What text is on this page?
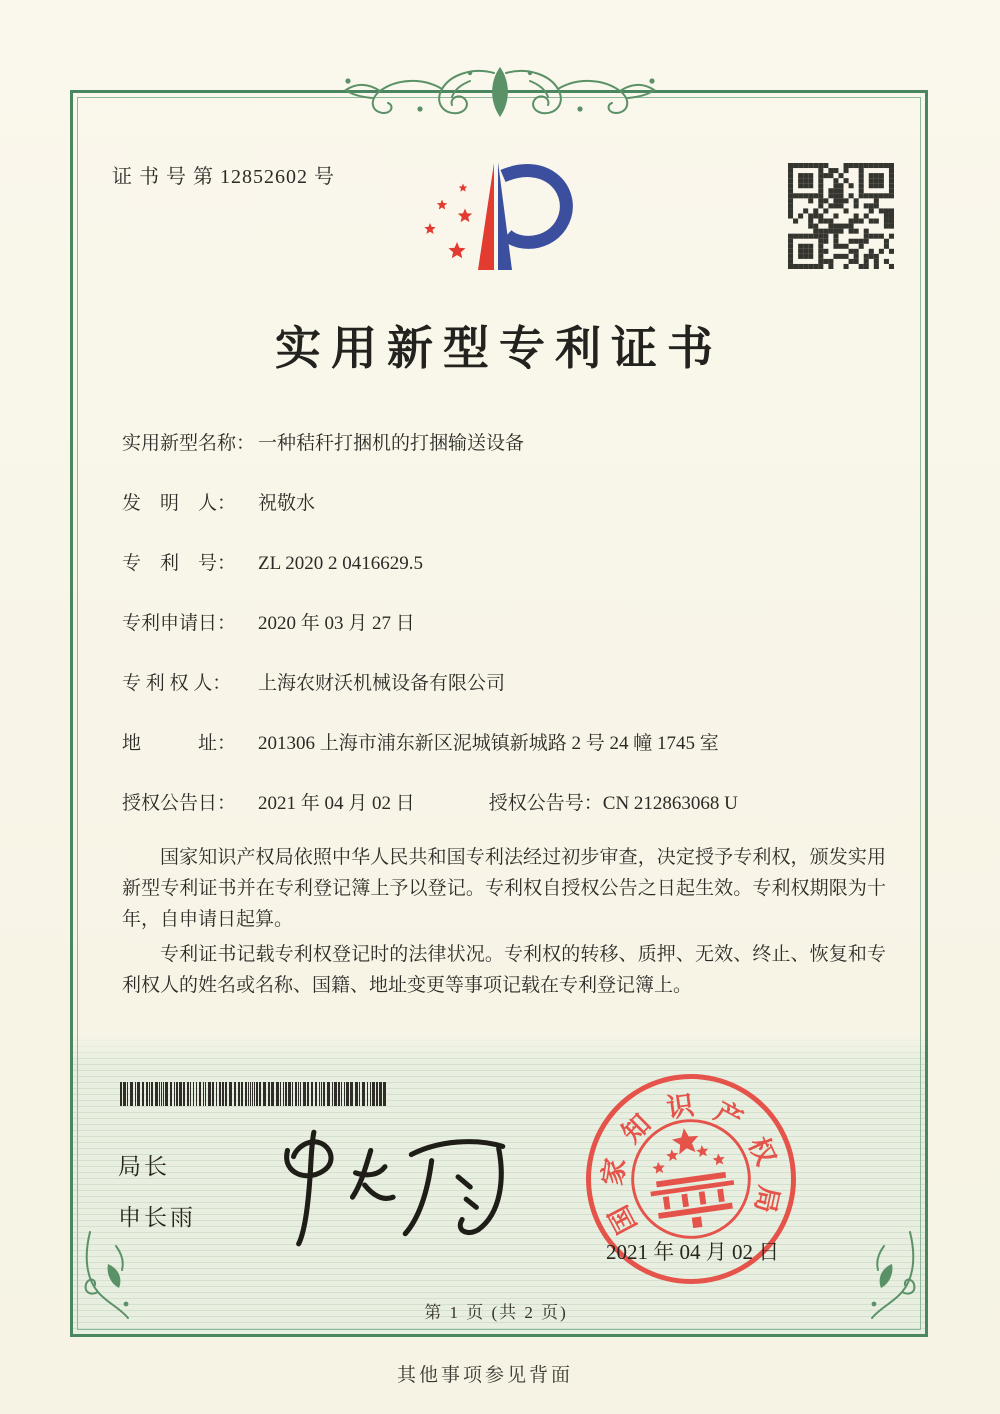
证 书 号 第 12852602 号
实用新型专利证书
实用新型名称： 一种秸秆打捆机的打捆输送设备
发　明　人：	祝敬水
专　利　号：	ZL 2020 2 0416629.5
专利申请日：	2020 年 03 月 27 日
专 利 权 人：	上海农财沃机械设备有限公司
地　　　址：	201306 上海市浦东新区泥城镇新城路 2 号 24 幢 1745 室
授权公告日：	2021 年 04 月 02 日	授权公告号： CN 212863068 U

国家知识产权局依照中华人民共和国专利法经过初步审查，决定授予专利权，颁发实用新型专利证书并在专利登记簿上予以登记。专利权自授权公告之日起生效。专利权期限为十年，自申请日起算。

专利证书记载专利权登记时的法律状况。专利权的转移、质押、无效、终止、恢复和专利权人的姓名或名称、国籍、地址变更等事项记载在专利登记簿上。

国
家
知
识 产
权
局
2021 年 04 月 02 日
局长
申长雨
第 1 页 (共 2 页)
其他事项参见背面
